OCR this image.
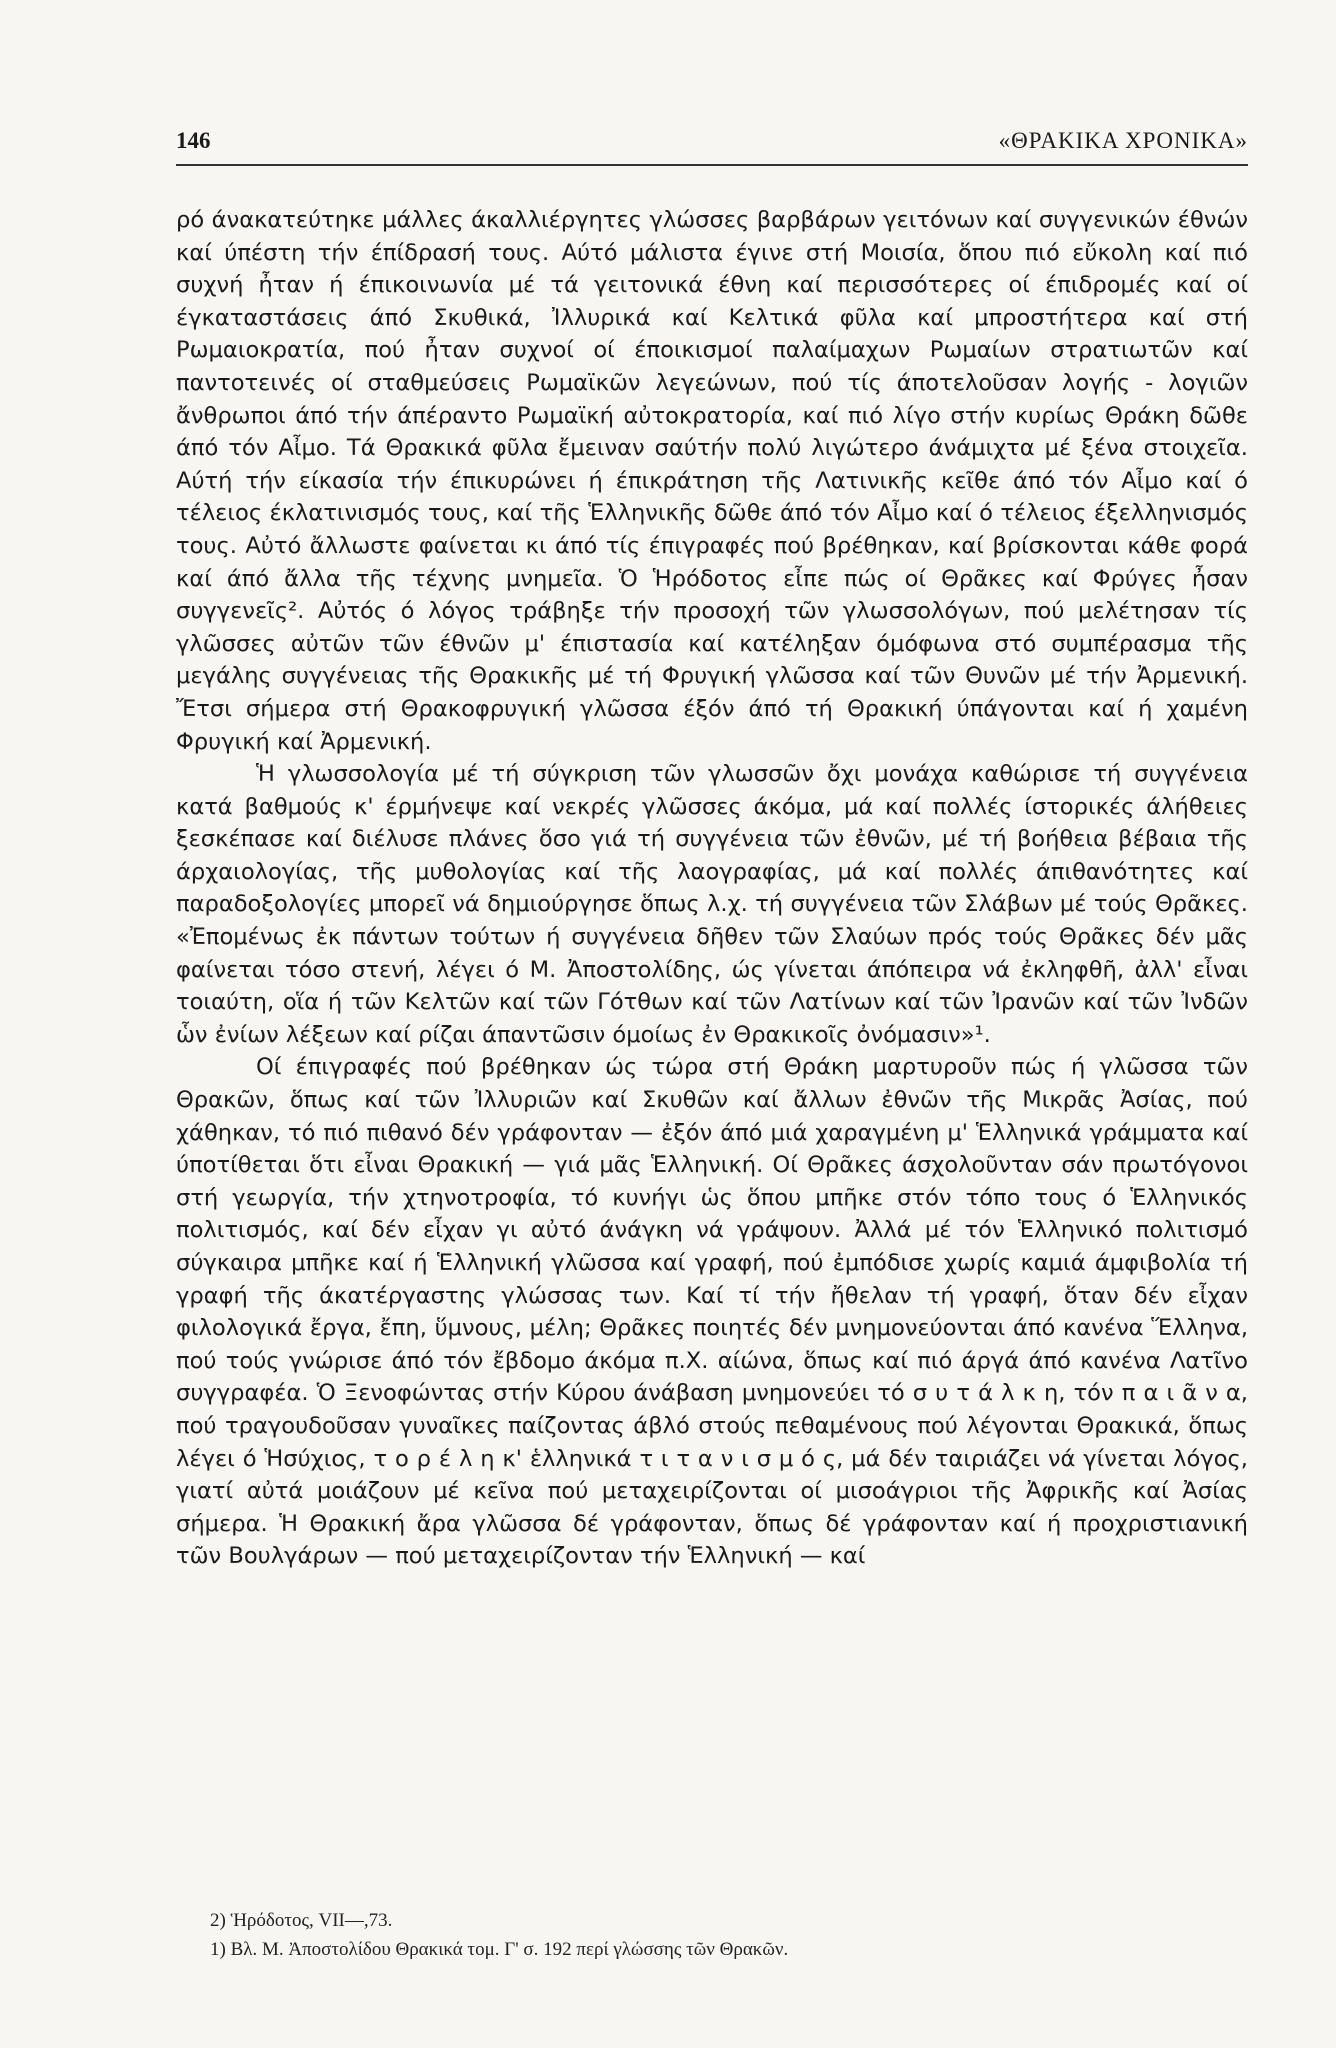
146	«ΘΡΑΚΙΚΑ ΧΡΟΝΙΚΑ»

ρό άνακατεύτηκε μάλλες άκαλλιέργητες γλώσσες βαρβάρων γειτόνων καί συγγενικών έθνών καί ύπέστη τήν έπίδρασή τους. Αύτό μάλιστα έγινε στή Μοισία, ὅπου πιό εὔκολη καί πιό συχνή ἦταν ή έπικοινωνία μέ τά γειτονικά έθνη καί περισσότερες οί έπιδρομές καί οί έγκαταστάσεις άπό Σκυθικά, Ἰλλυρικά καί Κελτικά φῦλα καί μπροστήτερα καί στή Ρωμαιοκρατία, πού ἦταν συχνοί οί έποικισμοί παλαίμαχων Ρωμαίων στρατιωτῶν καί παντοτεινές οί σταθμεύσεις Ρωμαϊκῶν λεγεώνων, πού τίς άποτελοῦσαν λογής - λογιῶν ἄνθρωποι άπό τήν άπέραντο Ρωμαϊκή αὐτοκρατορία, καί πιό λίγο στήν κυρίως Θράκη δῶθε άπό τόν Αἶμο. Τά Θρακικά φῦλα ἔμειναν σαύτήν πολύ λιγώτερο άνάμιχτα μέ ξένα στοιχεῖα. Αύτή τήν είκασία τήν έπικυρώνει ή έπικράτηση τῆς Λατινικῆς κεῖθε άπό τόν Αἶμο καί ό τέλειος έκλατινισμός τους, καί τῆς Ἑλληνικῆς δῶθε άπό τόν Αἶμο καί ό τέλειος έξελληνισμός τους. Αὐτό ἄλλωστε φαίνεται κι άπό τίς έπιγραφές πού βρέθηκαν, καί βρίσκονται κάθε φορά καί άπό ἄλλα τῆς τέχνης μνημεῖα. Ὁ Ἡρόδοτος εἶπε πώς οί Θρᾶκες καί Φρύγες ἦσαν συγγενεῖς². Αὐτός ό λόγος τράβηξε τήν προσοχή τῶν γλωσσολόγων, πού μελέτησαν τίς γλῶσσες αὐτῶν τῶν έθνῶν μ' έπιστασία καί κατέληξαν όμόφωνα στό συμπέρασμα τῆς μεγάλης συγγένειας τῆς Θρακικῆς μέ τή Φρυγική γλῶσσα καί τῶν Θυνῶν μέ τήν Ἀρμενική. Ἔτσι σήμερα στή Θρακοφρυγική γλῶσσα έξόν άπό τή Θρακική ύπάγονται καί ή χαμένη Φρυγική καί Ἀρμενική.

Ἡ γλωσσολογία μέ τή σύγκριση τῶν γλωσσῶν ὄχι μονάχα καθώρισε τή συγγένεια κατά βαθμούς κ' έρμήνεψε καί νεκρές γλῶσσες άκόμα, μά καί πολλές ίστορικές άλήθειες ξεσκέπασε καί διέλυσε πλάνες ὅσο γιά τή συγγένεια τῶν ἐθνῶν, μέ τή βοήθεια βέβαια τῆς άρχαιολογίας, τῆς μυθολογίας καί τῆς λαογραφίας, μά καί πολλές άπιθανότητες καί παραδοξολογίες μπορεῖ νά δημιούργησε ὅπως λ.χ. τή συγγένεια τῶν Σλάβων μέ τούς Θρᾶκες. «Ἐπομένως ἐκ πάντων τούτων ή συγγένεια δῆθεν τῶν Σλαύων πρός τούς Θρᾶκες δέν μᾶς φαίνεται τόσο στενή, λέγει ό Μ. Ἀποστολίδης, ώς γίνεται άπόπειρα νά ἐκληφθῆ, ἀλλ' εἶναι τοιαύτη, οἵα ή τῶν Κελτῶν καί τῶν Γότθων καί τῶν Λατίνων καί τῶν Ἰρανῶν καί τῶν Ἰνδῶν ὧν ἐνίων λέξεων καί ρίζαι άπαντῶσιν όμοίως ἐν Θρακικοῖς ὀνόμασιν»¹.

Οί έπιγραφές πού βρέθηκαν ώς τώρα στή Θράκη μαρτυροῦν πώς ή γλῶσσα τῶν Θρακῶν, ὅπως καί τῶν Ἰλλυριῶν καί Σκυθῶν καί ἄλλων ἐθνῶν τῆς Μικρᾶς Ἀσίας, πού χάθηκαν, τό πιό πιθανό δέν γράφονταν — ἐξόν άπό μιά χαραγμένη μ' Ἑλληνικά γράμματα καί ύποτίθεται ὅτι εἶναι Θρακική — γιά μᾶς Ἑλληνική. Οί Θρᾶκες άσχολοῦνταν σάν πρωτόγονοι στή γεωργία, τήν χτηνοτροφία, τό κυνήγι ὡς ὅπου μπῆκε στόν τόπο τους ό Ἑλληνικός πολιτισμός, καί δέν εἶχαν γι αὐτό άνάγκη νά γράψουν. Ἀλλά μέ τόν Ἑλληνικό πολιτισμό σύγκαιρα μπῆκε καί ή Ἑλληνική γλῶσσα καί γραφή, πού ἐμπόδισε χωρίς καμιά άμφιβολία τή γραφή τῆς άκατέργαστης γλώσσας των. Καί τί τήν ἤθελαν τή γραφή, ὅταν δέν εἶχαν φιλολογικά ἔργα, ἔπη, ὕμνους, μέλη; Θρᾶκες ποιητές δέν μνημονεύονται άπό κανένα Ἕλληνα, πού τούς γνώρισε άπό τόν ἔβδομο άκόμα π.Χ. αίώνα, ὅπως καί πιό άργά άπό κανένα Λατῖνο συγγραφέα. Ὁ Ξενοφώντας στήν Κύρου άνάβαση μνημονεύει τό σ υ τ ά λ κ η, τόν π α ι ᾶ ν α, πού τραγουδοῦσαν γυναῖκες παίζοντας άβλό στούς πεθαμένους πού λέγονται Θρακικά, ὅπως λέγει ό Ἡσύχιος, τ ο ρ έ λ η κ' ἑλληνικά τ ι τ α ν ι σ μ ό ς, μά δέν ταιριάζει νά γίνεται λόγος, γιατί αὐτά μοιάζουν μέ κεῖνα πού μεταχειρίζονται οί μισοάγριοι τῆς Ἀφρικῆς καί Ἀσίας σήμερα. Ἡ Θρακική ἄρα γλῶσσα δέ γράφονταν, ὅπως δέ γράφονταν καί ή προχριστιανική τῶν Βουλγάρων — πού μεταχειρίζονταν τήν Ἑλληνική — καί

2) Ἡρόδοτος, VII—,73.

1) Βλ. Μ. Ἀποστολίδου Θρακικά τομ. Γ' σ. 192 περί γλώσσης τῶν Θρακῶν.
